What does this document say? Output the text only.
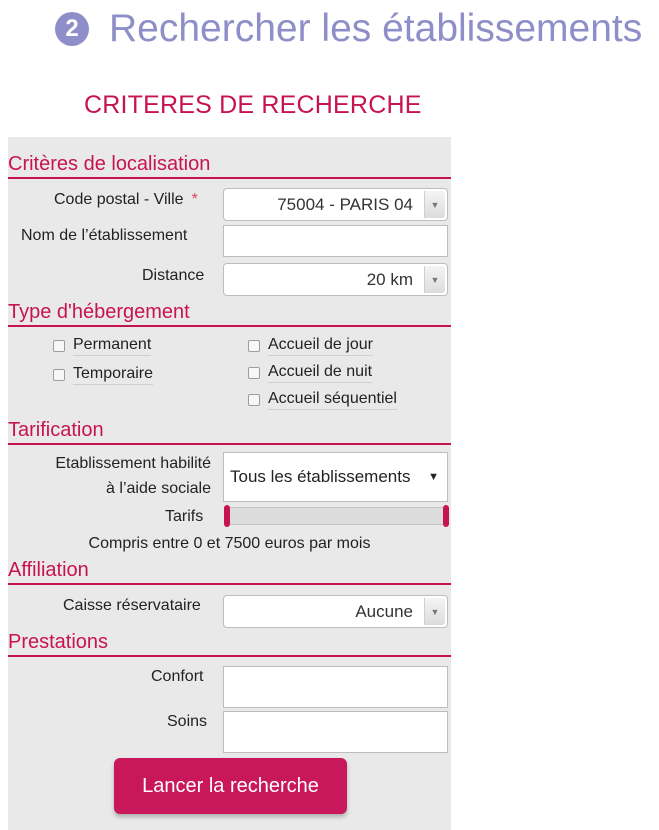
2 Rechercher les établissements
CRITERES DE RECHERCHE
Critères de localisation
Code postal - Ville *	75004 - PARIS 04	▼
Nom de l’établissement
Distance	20 km	▼
Type d'hébergement
Permanent
Temporaire
Accueil de jour
Accueil de nuit
Accueil séquentiel
Tarification
Etablissement habilité
à l’aide sociale
Tous les établissements ▼
Tarifs
Compris entre 0 et 7500 euros par mois
Affiliation
Caisse réservataire	Aucune	▼
Prestations
Confort
Soins
Lancer la recherche
